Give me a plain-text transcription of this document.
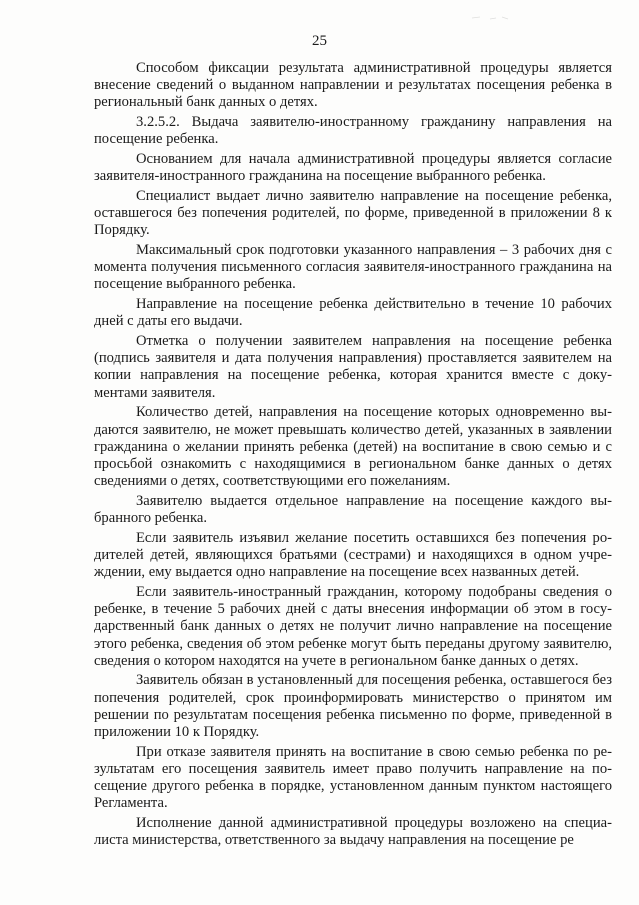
25

Способом фиксации результата административной процедуры является внесение сведений о выданном направлении и результатах посещения ребенка в региональный банк данных о детях.

3.2.5.2. Выдача заявителю-иностранному гражданину направления на посещение ребенка.

Основанием для начала административной процедуры является согласие заявителя-иностранного гражданина на посещение выбранного ребенка.

Специалист выдает лично заявителю направление на посещение ребенка, оставшегося без попечения родителей, по форме, приведенной в приложении 8 к Порядку.

Максимальный срок подготовки указанного направления – 3 рабочих дня с момента получения письменного согласия заявителя-иностранного гражданина на посещение выбранного ребенка.

Направление на посещение ребенка действительно в течение 10 рабочих дней с даты его выдачи.

Отметка о получении заявителем направления на посещение ребенка (подпись заявителя и дата получения направления) проставляется заявителем на копии направления на посещение ребенка, которая хранится вместе с документами заявителя.

Количество детей, направления на посещение которых одновременно выдаются заявителю, не может превышать количество детей, указанных в заявлении гражданина о желании принять ребенка (детей) на воспитание в свою семью и с просьбой ознакомить с находящимися в региональном банке данных о детях сведениями о детях, соответствующими его пожеланиям.

Заявителю выдается отдельное направление на посещение каждого выбранного ребенка.

Если заявитель изъявил желание посетить оставшихся без попечения родителей детей, являющихся братьями (сестрами) и находящихся в одном учреждении, ему выдается одно направление на посещение всех названных детей.

Если заявитель-иностранный гражданин, которому подобраны сведения о ребенке, в течение 5 рабочих дней с даты внесения информации об этом в государственный банк данных о детях не получит лично направление на посещение этого ребенка, сведения об этом ребенке могут быть переданы другому заявителю, сведения о котором находятся на учете в региональном банке данных о детях.

Заявитель обязан в установленный для посещения ребенка, оставшегося без попечения родителей, срок проинформировать министерство о принятом им решении по результатам посещения ребенка письменно по форме, приведенной в приложении 10 к Порядку.

При отказе заявителя принять на воспитание в свою семью ребенка по результатам его посещения заявитель имеет право получить направление на посещение другого ребенка в порядке, установленном данным пунктом настоящего Регламента.

Исполнение данной административной процедуры возложено на специалиста министерства, ответственного за выдачу направления на посещение ре
